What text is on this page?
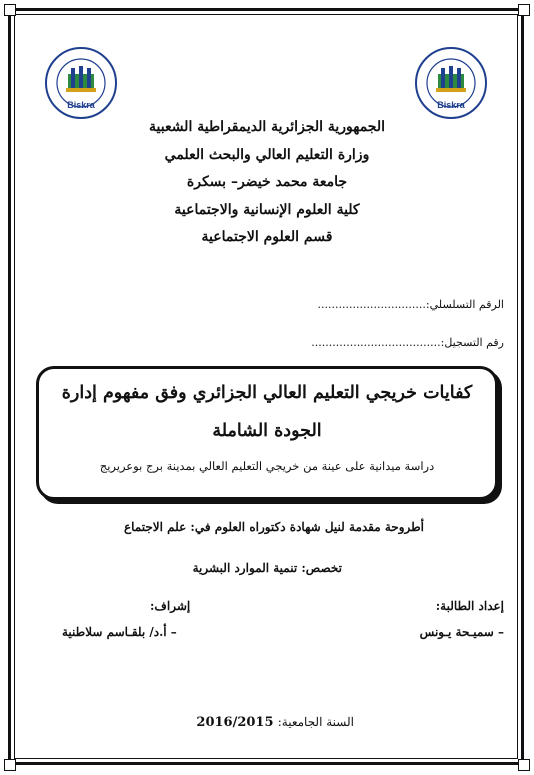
Biskra	Biskra
الجمهورية الجزائرية الديمقراطية الشعبية
وزارة التعليم العالي والبحث العلمي
جامعة محمد خيضر– بسكرة
كلية العلوم الإنسانية والاجتماعية
قسم العلوم الاجتماعية
الرقم التسلسلي:...............................
رقم التسجيل:.....................................
كفايات خريجي التعليم العالي الجزائري وفق مفهوم إدارة
الجودة الشاملة
دراسة ميدانية على عينة من خريجي التعليم العالي بمدينة برج بوعريريج
أطروحة مقدمة لنيل شهادة دكتوراه العلوم في: علم الاجتماع
تخصص: تنمية الموارد البشرية
إعداد الطالبة:
– سميـحة يـونس
إشراف:
– أ.د/ بلقـاسم سلاطنية
السنة الجامعية: 2016/2015
